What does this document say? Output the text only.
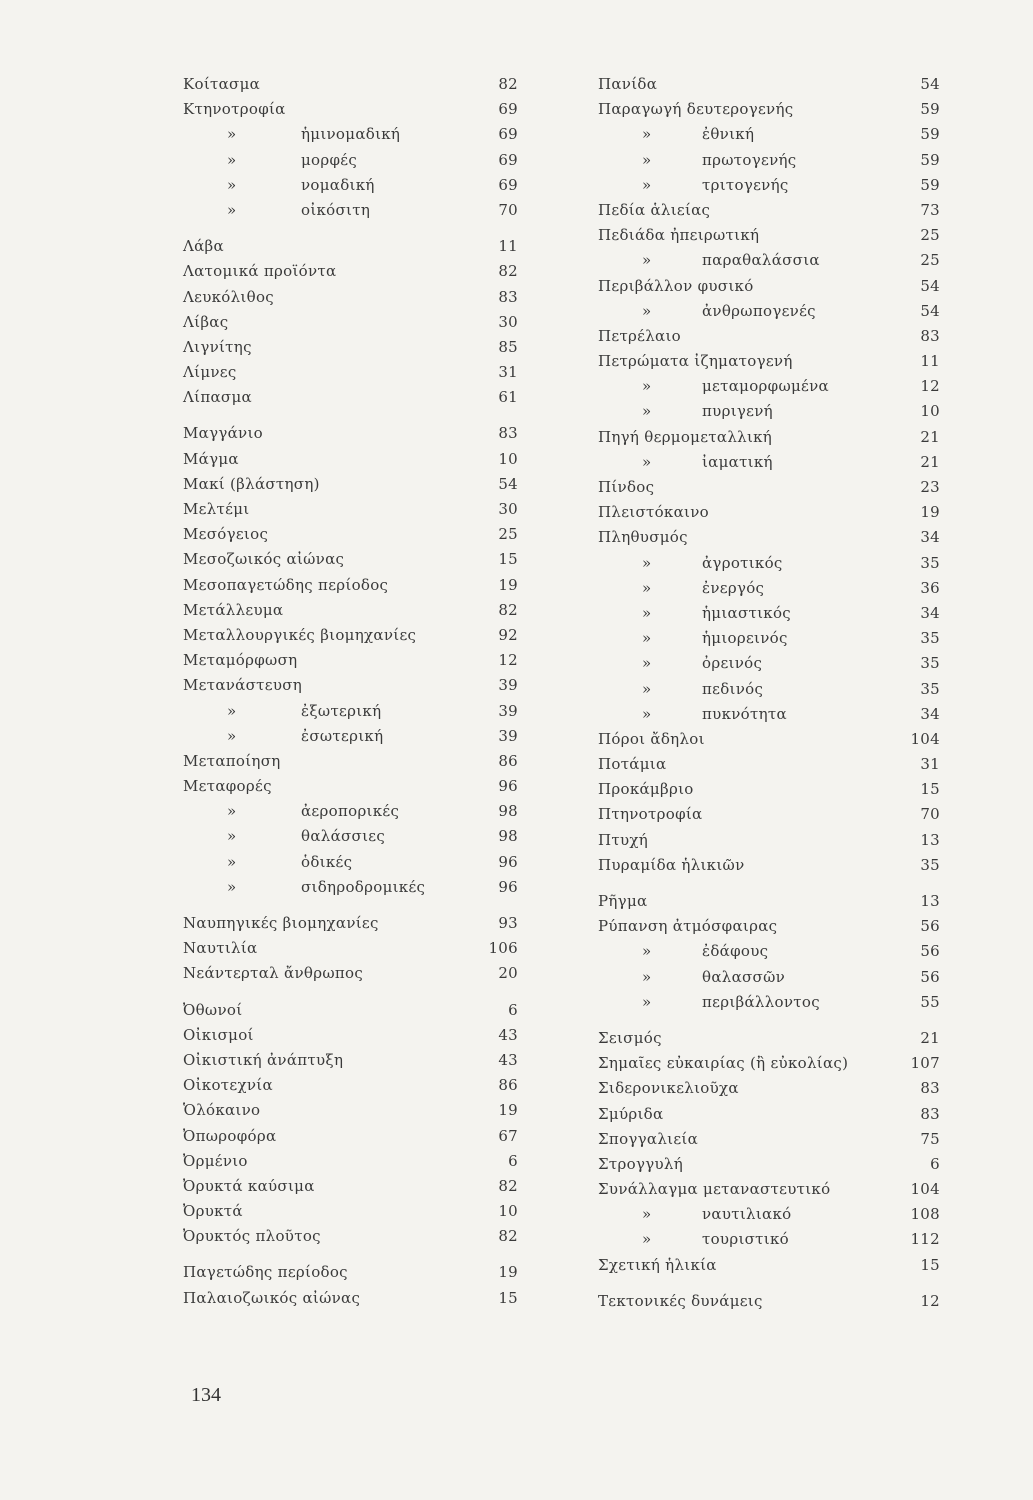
Κοίτασμα	82
Κτηνοτροφία	69
»	ἡμινομαδική	69
»	μορφές	69
»	νομαδική	69
»	οἰκόσιτη	70
Λάβα	11
Λατομικά προϊόντα	82
Λευκόλιθος	83
Λίβας	30
Λιγνίτης	85
Λίμνες	31
Λίπασμα	61
Μαγγάνιο	83
Μάγμα	10
Μακί (βλάστηση)	54
Μελτέμι	30
Μεσόγειος	25
Μεσοζωικός αἰώνας	15
Μεσοπαγετώδης περίοδος	19
Μετάλλευμα	82
Μεταλλουργικές βιομηχανίες	92
Μεταμόρφωση	12
Μετανάστευση	39
»	ἐξωτερική	39
»	ἐσωτερική	39
Μεταποίηση	86
Μεταφορές	96
»	ἀεροπορικές	98
»	θαλάσσιες	98
»	ὁδικές	96
»	σιδηροδρομικές	96
Ναυπηγικές βιομηχανίες	93
Ναυτιλία	106
Νεάντερταλ ἄνθρωπος	20
Ὀθωνοί	6
Οἰκισμοί	43
Οἰκιστική ἀνάπτυξη	43
Οἰκοτεχνία	86
Ὁλόκαινο	19
Ὀπωροφόρα	67
Ὀρμένιο	6
Ὀρυκτά καύσιμα	82
Ὀρυκτά	10
Ὀρυκτός πλοῦτος	82
Παγετώδης περίοδος	19
Παλαιοζωικός αἰώνας	15
Πανίδα	54
Παραγωγή δευτερογενής	59
»	ἐθνική	59
»	πρωτογενής	59
»	τριτογενής	59
Πεδία ἁλιείας	73
Πεδιάδα ἠπειρωτική	25
»	παραθαλάσσια	25
Περιβάλλον φυσικό	54
»	ἀνθρωπογενές	54
Πετρέλαιο	83
Πετρώματα ἰζηματογενή	11
»	μεταμορφωμένα	12
»	πυριγενή	10
Πηγή θερμομεταλλική	21
»	ἰαματική	21
Πίνδος	23
Πλειστόκαινο	19
Πληθυσμός	34
»	ἀγροτικός	35
»	ἐνεργός	36
»	ἡμιαστικός	34
»	ἡμιορεινός	35
»	ὀρεινός	35
»	πεδινός	35
»	πυκνότητα	34
Πόροι ἄδηλοι	104
Ποτάμια	31
Προκάμβριο	15
Πτηνοτροφία	70
Πτυχή	13
Πυραμίδα ἡλικιῶν	35
Ρῆγμα	13
Ρύπανση ἀτμόσφαιρας	56
»	ἐδάφους	56
»	θαλασσῶν	56
»	περιβάλλοντος	55
Σεισμός	21
Σημαῖες εὐκαιρίας (ἢ εὐκολίας)	107
Σιδερονικελιοῦχα	83
Σμύριδα	83
Σπογγαλιεία	75
Στρογγυλή	6
Συνάλλαγμα μεταναστευτικό	104
»	ναυτιλιακό	108
»	τουριστικό	112
Σχετική ἡλικία	15
Τεκτονικές δυνάμεις	12
134
